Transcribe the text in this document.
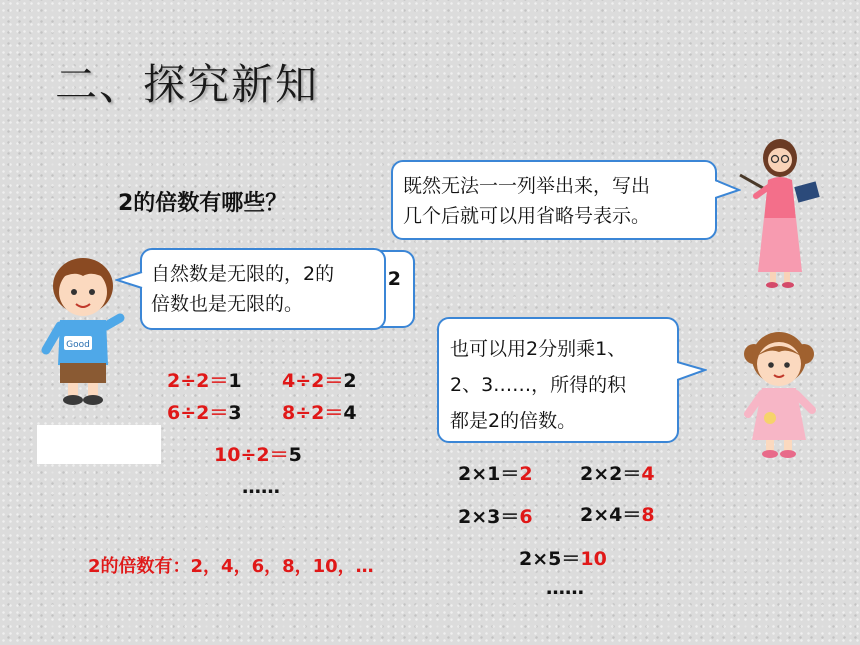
二、探究新知
2的倍数有哪些？
既然无法一一列举出来，写出
几个后就可以用省略号表示。
Good
2
自然数是无限的，2的
倍数也是无限的。
也可以用2分别乘1、
2、3……，所得的积
都是2的倍数。
2÷2＝1 4÷2＝2
6÷2＝3 8÷2＝4
10÷2＝5
……
2×1＝2 2×2＝4
2×3＝6 2×4＝8
2×5＝10
……
2的倍数有：2，4，6，8，10，…
